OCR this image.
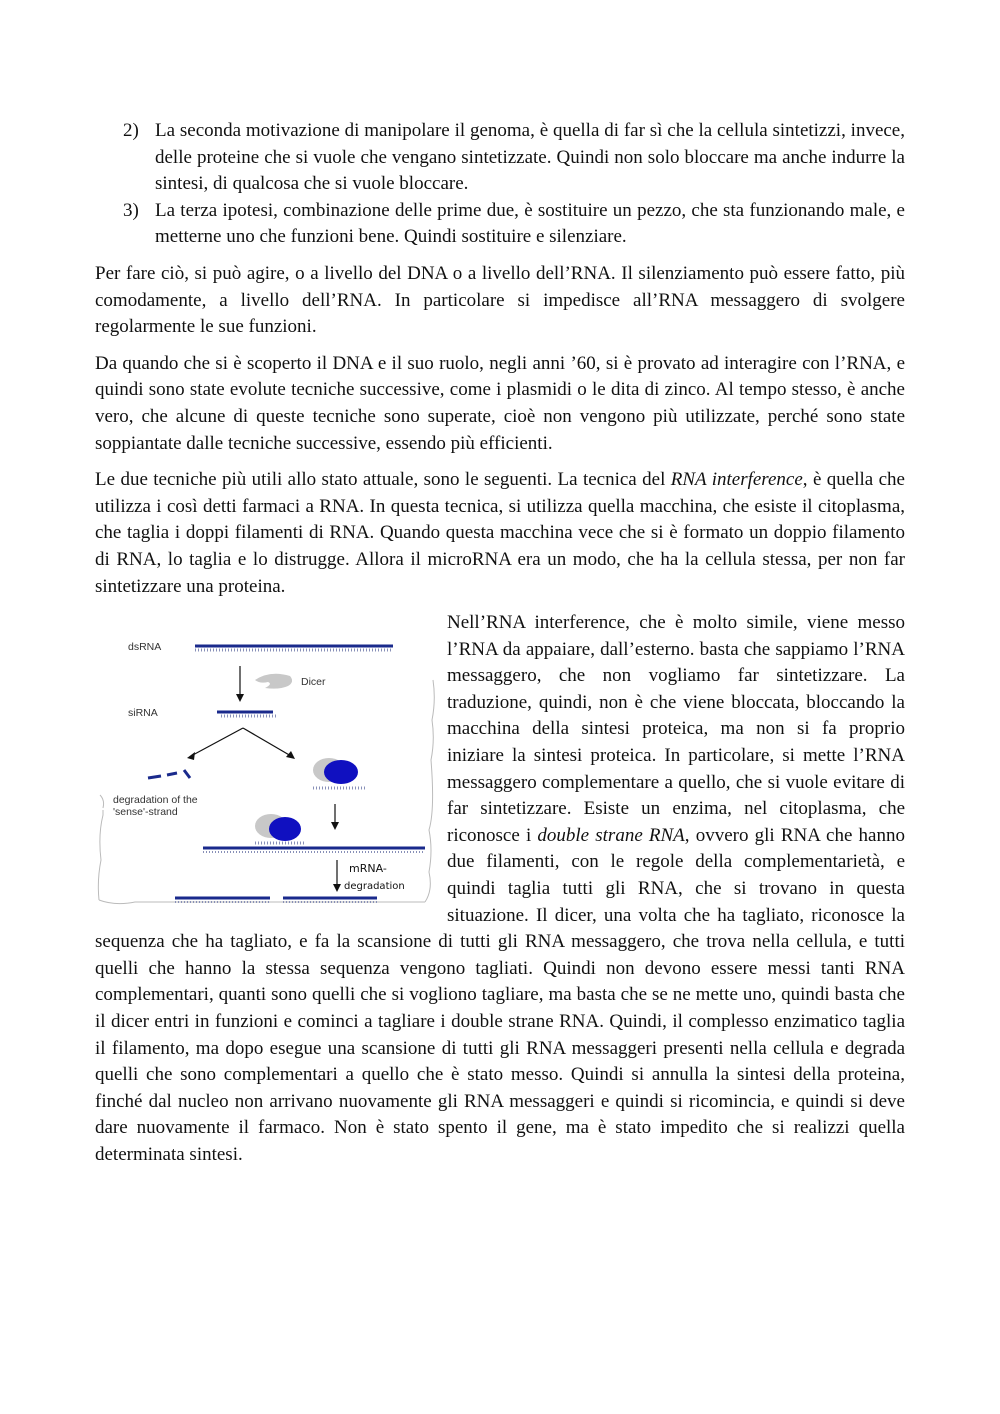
2) La seconda motivazione di manipolare il genoma, è quella di far sì che la cellula sintetizzi, invece, delle proteine che si vuole che vengano sintetizzate. Quindi non solo bloccare ma anche indurre la sintesi, di qualcosa che si vuole bloccare.
3) La terza ipotesi, combinazione delle prime due, è sostituire un pezzo, che sta funzionando male, e metterne uno che funzioni bene. Quindi sostituire e silenziare.

Per fare ciò, si può agire, o a livello del DNA o a livello dell’RNA. Il silenziamento può essere fatto, più comodamente, a livello dell’RNA. In particolare si impedisce all’RNA messaggero di svolgere regolarmente le sue funzioni.

Da quando che si è scoperto il DNA e il suo ruolo, negli anni ’60, si è provato ad interagire con l’RNA, e quindi sono state evolute tecniche successive, come i plasmidi o le dita di zinco. Al tempo stesso, è anche vero, che alcune di queste tecniche sono superate, cioè non vengono più utilizzate, perché sono state soppiantate dalle tecniche successive, essendo più efficienti.

Le due tecniche più utili allo stato attuale, sono le seguenti. La tecnica del RNA interference, è quella che utilizza i così detti farmaci a RNA. In questa tecnica, si utilizza quella macchina, che esiste il citoplasma, che taglia i doppi filamenti di RNA. Quando questa macchina vece che si è formato un doppio filamento di RNA, lo taglia e lo distrugge. Allora il microRNA era un modo, che ha la cellula stessa, per non far sintetizzare una proteina.

dsRNA
Dicer
siRNA
degradation of the
'sense'-strand
mRNA-
degradation

Nell’RNA interference, che è molto simile, viene messo l’RNA da appaiare, dall’esterno. basta che sappiamo l’RNA messaggero, che non vogliamo far sintetizzare. La traduzione, quindi, non è che viene bloccata, bloccando la macchina della sintesi proteica, ma non si fa proprio iniziare la sintesi proteica. In particolare, si mette l’RNA messaggero complementare a quello, che si vuole evitare di far sintetizzare. Esiste un enzima, nel citoplasma, che riconosce i double strane RNA, ovvero gli RNA che hanno due filamenti, con le regole della complementarietà, e quindi taglia tutti gli RNA, che si trovano in questa situazione. Il dicer, una volta che ha tagliato, riconosce la sequenza che ha tagliato, e fa la scansione di tutti gli RNA messaggero, che trova nella cellula, e tutti quelli che hanno la stessa sequenza vengono tagliati. Quindi non devono essere messi tanti RNA complementari, quanti sono quelli che si vogliono tagliare, ma basta che se ne mette uno, quindi basta che il dicer entri in funzioni e cominci a tagliare i double strane RNA. Quindi, il complesso enzimatico taglia il filamento, ma dopo esegue una scansione di tutti gli RNA messaggeri presenti nella cellula e degrada quelli che sono complementari a quello che è stato messo. Quindi si annulla la sintesi della proteina, finché dal nucleo non arrivano nuovamente gli RNA messaggeri e quindi si ricomincia, e quindi si deve dare nuovamente il farmaco. Non è stato spento il gene, ma è stato impedito che si realizzi quella determinata sintesi.
